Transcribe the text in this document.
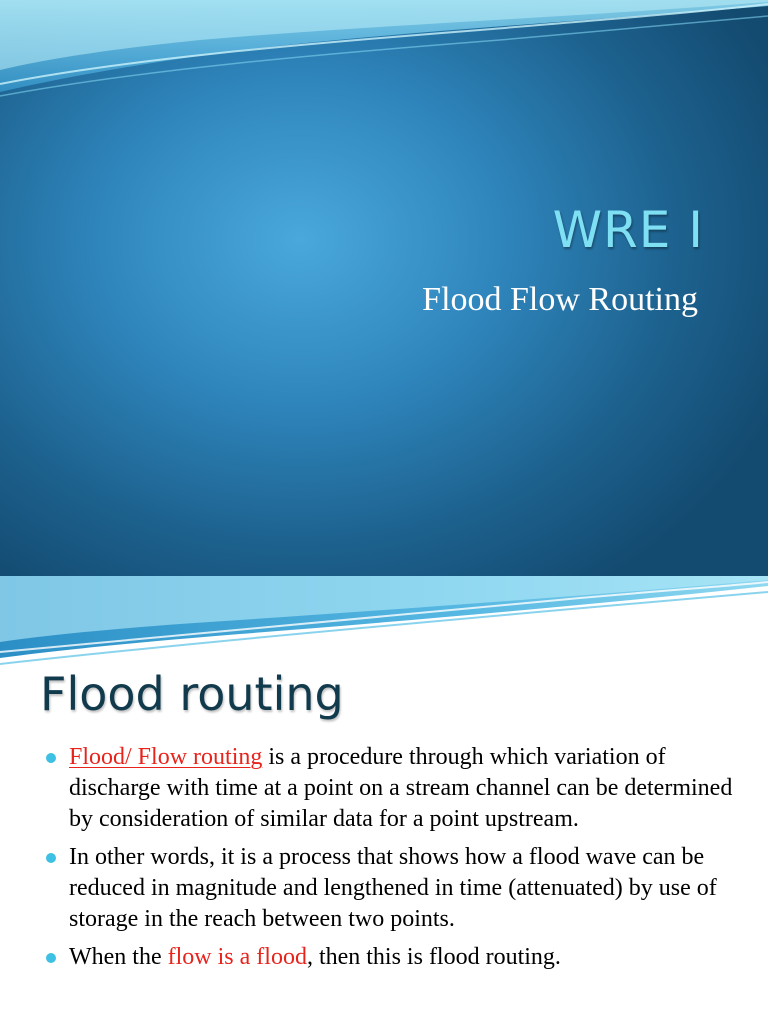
WRE I
Flood Flow Routing
Flood routing
Flood/ Flow routing is a procedure through which variation of discharge with time at a point on a stream channel can be determined by consideration of similar data for a point upstream.
In other words, it is a process that shows how a flood wave can be reduced in magnitude and lengthened in time (attenuated) by use of storage in the reach between two points.
When the flow is a flood, then this is flood routing.
